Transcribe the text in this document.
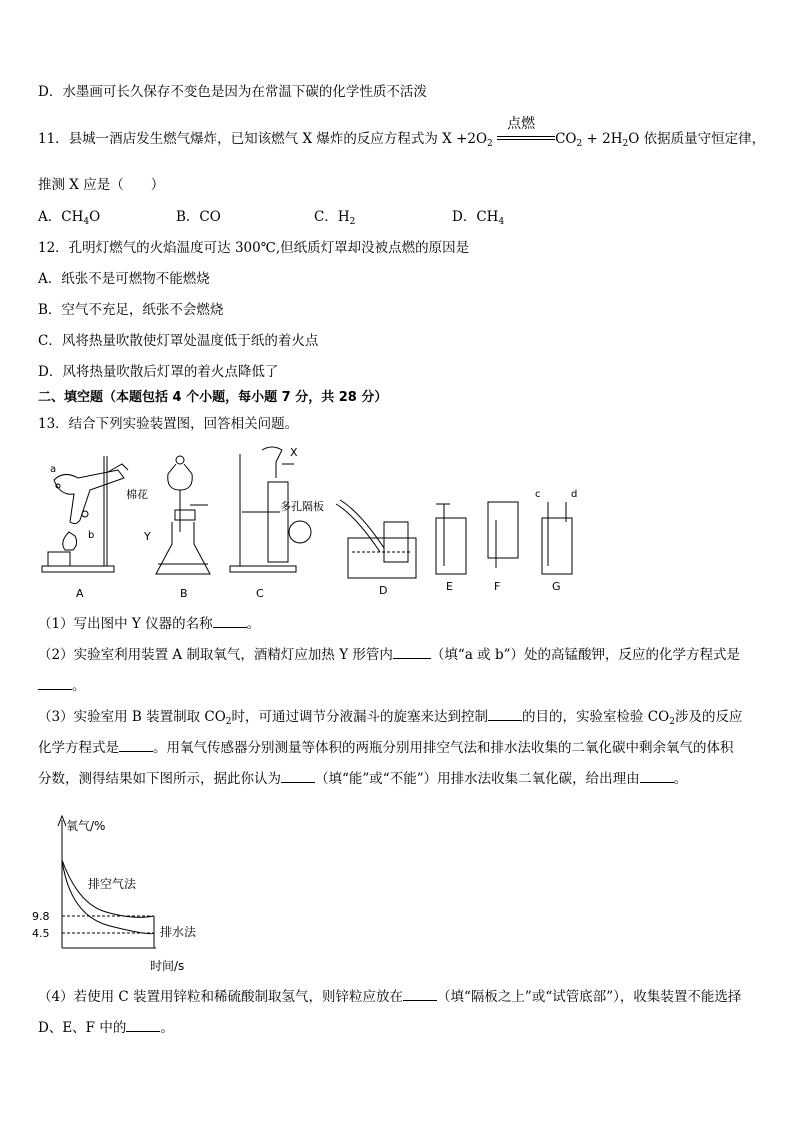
D．水墨画可长久保存不变色是因为在常温下碳的化学性质不活泼
11．县城一酒店发生燃气爆炸，已知该燃气 X 爆炸的反应方程式为 $X +2O_2$
点燃
$CO_2 + 2H_2O$ 依据质量守恒定律，
推测 X 应是（　　）
A．$CH_4O$	B．CO	C．$H_2$	D．$CH_4$
12．孔明灯燃气的火焰温度可达 300℃,但纸质灯罩却没被点燃的原因是
A．纸张不是可燃物不能燃烧
B．空气不充足，纸张不会燃烧
C．风将热量吹散使灯罩处温度低于纸的着火点
D．风将热量吹散后灯罩的着火点降低了
二、填空题（本题包括 4 个小题，每小题 7 分，共 28 分）
13．结合下列实验装置图，回答相关问题。
A
a
b
棉花
B
Y
C
X
多孔隔板
D	E	F	G
c	d
（1）写出图中 Y 仪器的名称	。
（2）实验室利用装置 A 制取氧气，酒精灯应加热 Y 形管内	（填“a 或 b”）处的高锰酸钾，反应的化学方程式是
。
（3）实验室用 B 装置制取 $CO_2$时，可通过调节分液漏斗的旋塞来达到控制	的目的，实验室检验 $CO_2$涉及的反应
化学方程式是	。用氧气传感器分别测量等体积的两瓶分别用排空气法和排水法收集的二氧化碳中剩余氧气的体积
分数，测得结果如下图所示，据此你认为	（填“能”或“不能”）用排水法收集二氧化碳，给出理由	。
氧气/%
时间/s
9.8
4.5
排空气法
排水法
（4）若使用 C 装置用锌粒和稀硫酸制取氢气，则锌粒应放在	（填“隔板之上”或“试管底部”），收集装置不能选择
D、E、F 中的	。
